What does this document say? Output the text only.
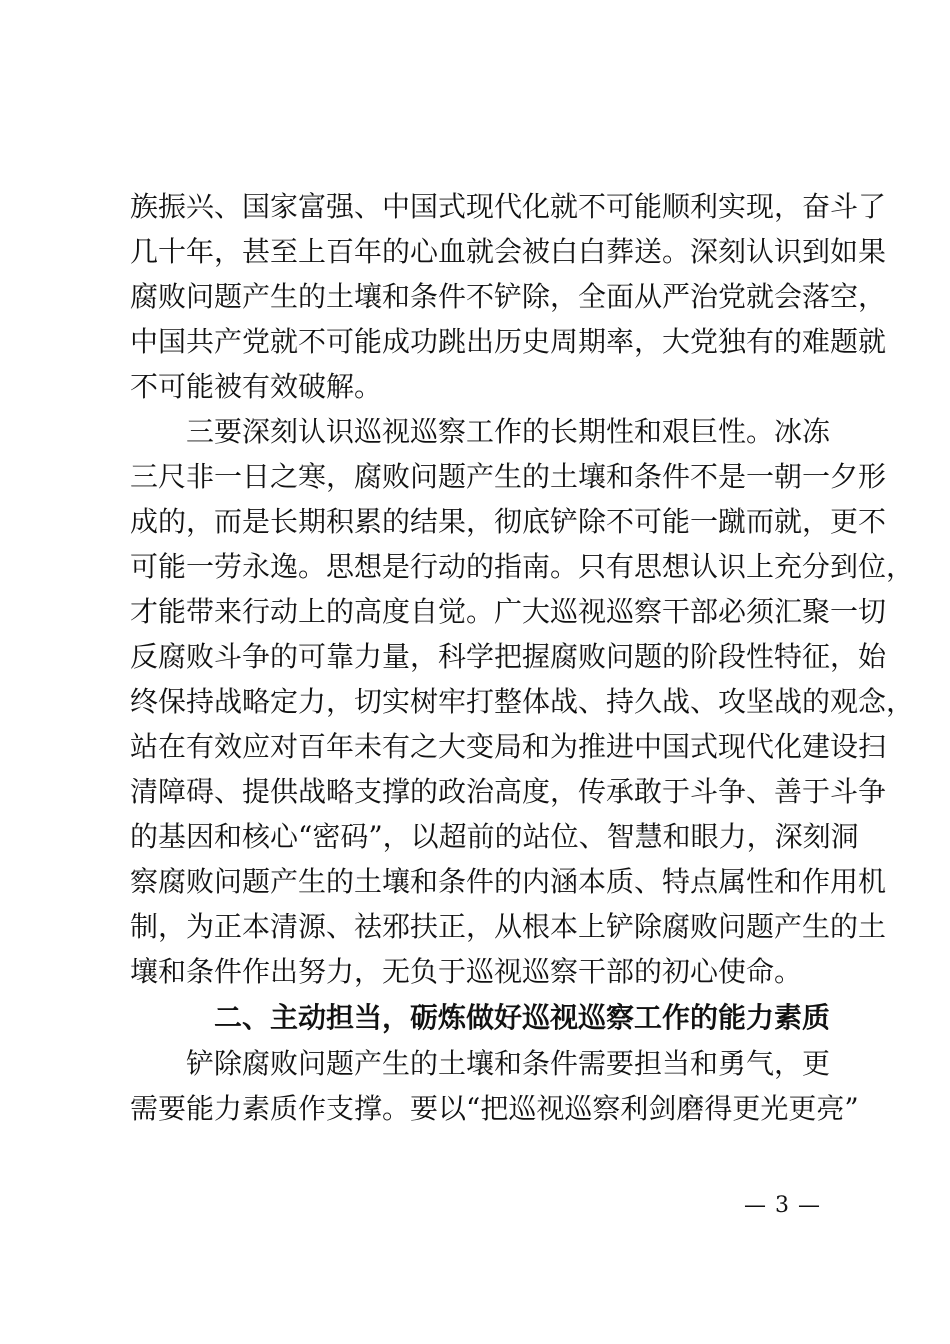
族振兴、国家富强、中国式现代化就不可能顺利实现，奋斗了
几十年，甚至上百年的心血就会被白白葬送。深刻认识到如果
腐败问题产生的土壤和条件不铲除，全面从严治党就会落空，
中国共产党就不可能成功跳出历史周期率，大党独有的难题就
不可能被有效破解。
三要深刻认识巡视巡察工作的长期性和艰巨性。冰冻
三尺非一日之寒，腐败问题产生的土壤和条件不是一朝一夕形
成的，而是长期积累的结果，彻底铲除不可能一蹴而就，更不
可能一劳永逸。思想是行动的指南。只有思想认识上充分到位，
才能带来行动上的高度自觉。广大巡视巡察干部必须汇聚一切
反腐败斗争的可靠力量，科学把握腐败问题的阶段性特征，始
终保持战略定力，切实树牢打整体战、持久战、攻坚战的观念，
站在有效应对百年未有之大变局和为推进中国式现代化建设扫
清障碍、提供战略支撑的政治高度，传承敢于斗争、善于斗争
的基因和核心“密码”，以超前的站位、智慧和眼力，深刻洞
察腐败问题产生的土壤和条件的内涵本质、特点属性和作用机
制，为正本清源、祛邪扶正，从根本上铲除腐败问题产生的土
壤和条件作出努力，无负于巡视巡察干部的初心使命。
二、主动担当，砺炼做好巡视巡察工作的能力素质
铲除腐败问题产生的土壤和条件需要担当和勇气，更
需要能力素质作支撑。要以“把巡视巡察利剑磨得更光更亮”
— 3 —
